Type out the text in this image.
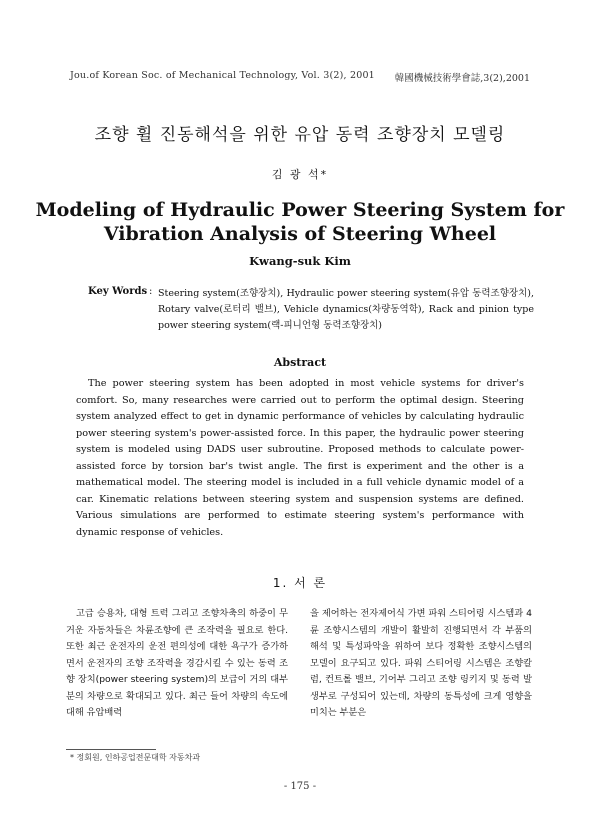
Jou.of Korean Soc. of Mechanical Technology, Vol. 3(2), 2001 韓國機械技術學會誌,3(2),2001
조향 휠 진동해석을 위한 유압 동력 조향장치 모델링
김 광 석*
Modeling of Hydraulic Power Steering System for
Vibration Analysis of Steering Wheel
Kwang-suk Kim
Key Words : Steering system(조향장치), Hydraulic power steering system(유압 동력조향장치), Rotary valve(로터리 밸브), Vehicle dynamics(차량동역학), Rack and pinion type power steering system(랙-피니언형 동력조향장치)
Abstract
The power steering system has been adopted in most vehicle systems for driver's comfort. So, many researches were carried out to perform the optimal design. Steering system analyzed effect to get in dynamic performance of vehicles by calculating hydraulic power steering system's power-assisted force. In this paper, the hydraulic power steering system is modeled using DADS user subroutine. Proposed methods to calculate power-assisted force by torsion bar's twist angle. The first is experiment and the other is a mathematical model. The steering model is included in a full vehicle dynamic model of a car. Kinematic relations between steering system and suspension systems are defined. Various simulations are performed to estimate steering system's performance with dynamic response of vehicles.
1. 서 론
고급 승용차, 대형 트럭 그리고 조향차축의 하중이 무거운 자동차들은 차륜조향에 큰 조작력을 필요로 한다. 또한 최근 운전자의 운전 편의성에 대한 욕구가 증가하면서 운전자의 조향 조작력을 경감시킬 수 있는 동력 조향 장치(power steering system)의 보급이 거의 대부분의 차량으로 확대되고 있다. 최근 들어 차량의 속도에 대해 유압배력
을 제어하는 전자제어식 가변 파워 스티어링 시스템과 4륜 조향시스템의 개발이 활발히 진행되면서 각 부품의 해석 및 특성파악을 위하여 보다 정확한 조향시스템의 모델이 요구되고 있다. 파워 스티어링 시스템은 조향칼럼, 컨트롤 밸브, 기어부 그리고 조향 링키지 및 동력 발생부로 구성되어 있는데, 차량의 동특성에 크게 영향을 미치는 부분은
* 정회원, 인하공업전문대학 자동차과
- 175 -
